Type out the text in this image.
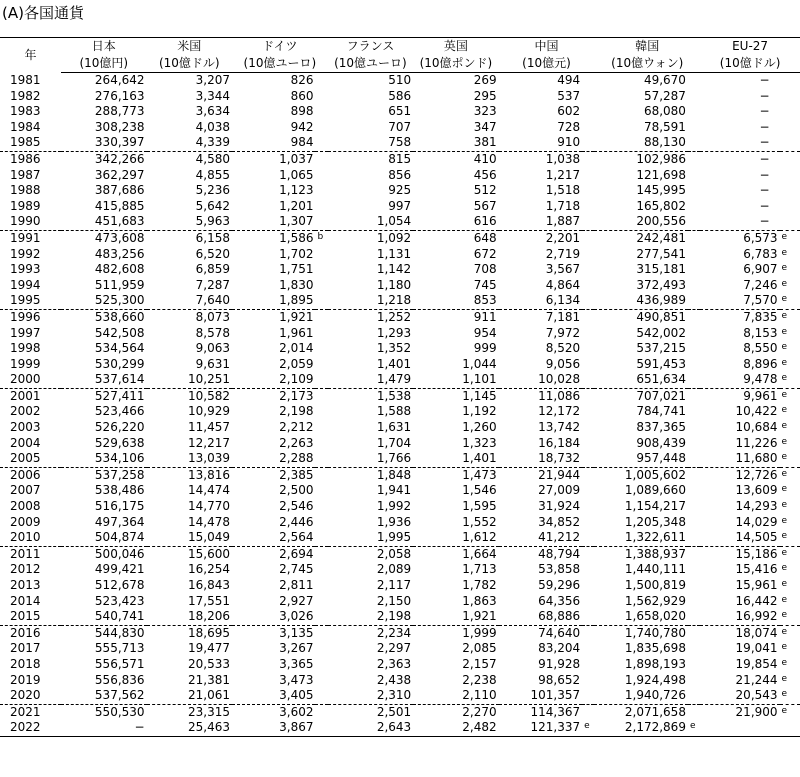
(A)各国通貨
年	日本	米国	ドイツ		フランス	英国	中国		韓国		EU-27	
	(10億円)	(10億ドル)	(10億ユーロ)		(10億ユーロ)	(10億ポンド)	(10億元)		(10億ウォン)		(10億ドル)	
1981	264,642	3,207	826		510	269	494		49,670		−	
1982	276,163	3,344	860		586	295	537		57,287		−	
1983	288,773	3,634	898		651	323	602		68,080		−	
1984	308,238	4,038	942		707	347	728		78,591		−	
1985	330,397	4,339	984		758	381	910		88,130		−	
1986	342,266	4,580	1,037		815	410	1,038		102,986		−	
1987	362,297	4,855	1,065		856	456	1,217		121,698		−	
1988	387,686	5,236	1,123		925	512	1,518		145,995		−	
1989	415,885	5,642	1,201		997	567	1,718		165,802		−	
1990	451,683	5,963	1,307		1,054	616	1,887		200,556		−	
1991	473,608	6,158	1,586	b	1,092	648	2,201		242,481		6,573	e
1992	483,256	6,520	1,702		1,131	672	2,719		277,541		6,783	e
1993	482,608	6,859	1,751		1,142	708	3,567		315,181		6,907	e
1994	511,959	7,287	1,830		1,180	745	4,864		372,493		7,246	e
1995	525,300	7,640	1,895		1,218	853	6,134		436,989		7,570	e
1996	538,660	8,073	1,921		1,252	911	7,181		490,851		7,835	e
1997	542,508	8,578	1,961		1,293	954	7,972		542,002		8,153	e
1998	534,564	9,063	2,014		1,352	999	8,520		537,215		8,550	e
1999	530,299	9,631	2,059		1,401	1,044	9,056		591,453		8,896	e
2000	537,614	10,251	2,109		1,479	1,101	10,028		651,634		9,478	e
2001	527,411	10,582	2,173		1,538	1,145	11,086		707,021		9,961	e
2002	523,466	10,929	2,198		1,588	1,192	12,172		784,741		10,422	e
2003	526,220	11,457	2,212		1,631	1,260	13,742		837,365		10,684	e
2004	529,638	12,217	2,263		1,704	1,323	16,184		908,439		11,226	e
2005	534,106	13,039	2,288		1,766	1,401	18,732		957,448		11,680	e
2006	537,258	13,816	2,385		1,848	1,473	21,944		1,005,602		12,726	e
2007	538,486	14,474	2,500		1,941	1,546	27,009		1,089,660		13,609	e
2008	516,175	14,770	2,546		1,992	1,595	31,924		1,154,217		14,293	e
2009	497,364	14,478	2,446		1,936	1,552	34,852		1,205,348		14,029	e
2010	504,874	15,049	2,564		1,995	1,612	41,212		1,322,611		14,505	e
2011	500,046	15,600	2,694		2,058	1,664	48,794		1,388,937		15,186	e
2012	499,421	16,254	2,745		2,089	1,713	53,858		1,440,111		15,416	e
2013	512,678	16,843	2,811		2,117	1,782	59,296		1,500,819		15,961	e
2014	523,423	17,551	2,927		2,150	1,863	64,356		1,562,929		16,442	e
2015	540,741	18,206	3,026		2,198	1,921	68,886		1,658,020		16,992	e
2016	544,830	18,695	3,135		2,234	1,999	74,640		1,740,780		18,074	e
2017	555,713	19,477	3,267		2,297	2,085	83,204		1,835,698		19,041	e
2018	556,571	20,533	3,365		2,363	2,157	91,928		1,898,193		19,854	e
2019	556,836	21,381	3,473		2,438	2,238	98,652		1,924,498		21,244	e
2020	537,562	21,061	3,405		2,310	2,110	101,357		1,940,726		20,543	e
2021	550,530	23,315	3,602		2,501	2,270	114,367		2,071,658		21,900	e
2022	−	25,463	3,867		2,643	2,482	121,337	e	2,172,869	e		
